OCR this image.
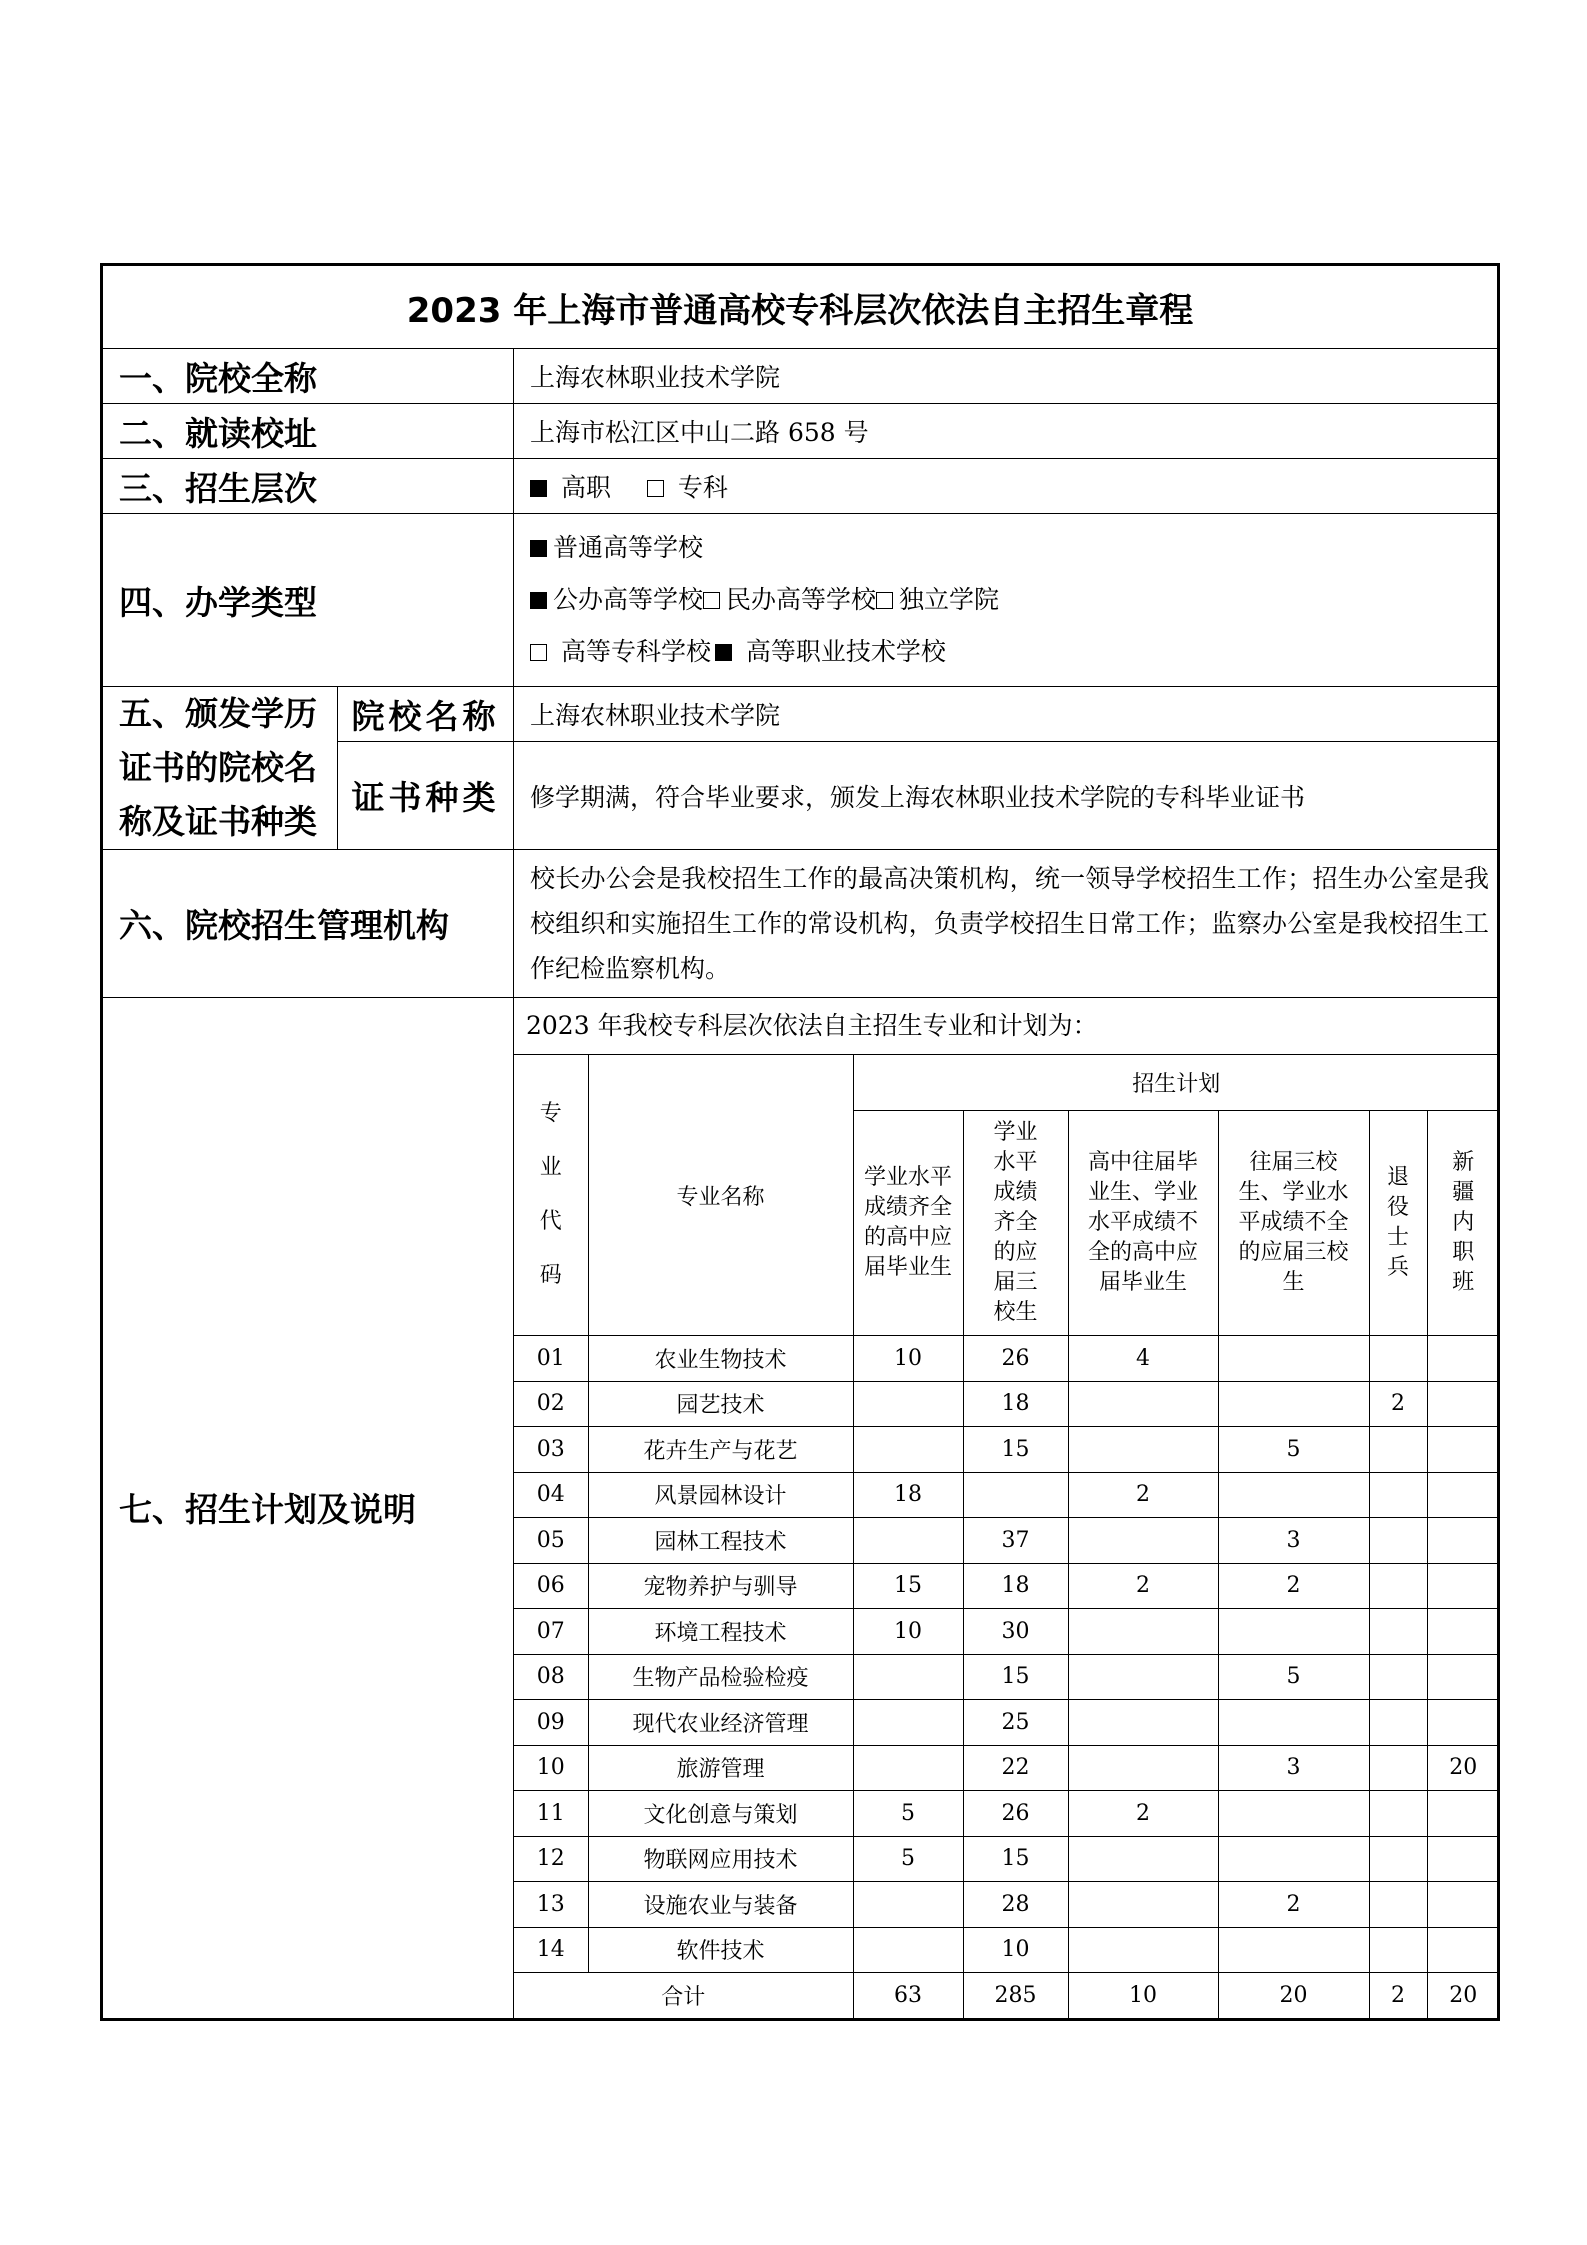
2023 年上海市普通高校专科层次依法自主招生章程
一、院校全称	上海农林职业技术学院
二、就读校址	上海市松江区中山二路 658 号
三、招生层次	高职	专科
四、办学类型	
普通高等学校
公办高等学校 民办高等学校 独立学院
高等专科学校 高等职业技术学校

五、颁发学历证书的院校名称及证书种类	院校名称	上海农林职业技术学院
证书种类	修学期满，符合毕业要求，颁发上海农林职业技术学院的专科毕业证书
六、院校招生管理机构	校长办公会是我校招生工作的最高决策机构，统一领导学校招生工作；招生办公室是我校组织和实施招生工作的常设机构，负责学校招生日常工作；监察办公室是我校招生工作纪检监察机构。
七、招生计划及说明	
2023 年我校专科层次依法自主招生专业和计划为：
专业代码	专业名称	招生计划
学业水平成绩齐全的高中应届毕业生	学业水平成绩齐全的应届三校生	高中往届毕业生、学业水平成绩不全的高中应届毕业生	往届三校生、学业水平成绩不全的应届三校生	退役士兵	新疆内职班
01	农业生物技术	10	26	4			
02	园艺技术		18			2	
03	花卉生产与花艺		15		5		
04	风景园林设计	18		2			
05	园林工程技术		37		3		
06	宠物养护与驯导	15	18	2	2		
07	环境工程技术	10	30				
08	生物产品检验检疫		15		5		
09	现代农业经济管理		25				
10	旅游管理		22		3		20
11	文化创意与策划	5	26	2			
12	物联网应用技术	5	15				
13	设施农业与装备		28		2		
14	软件技术		10				
合计	63	285	10	20	2	20
